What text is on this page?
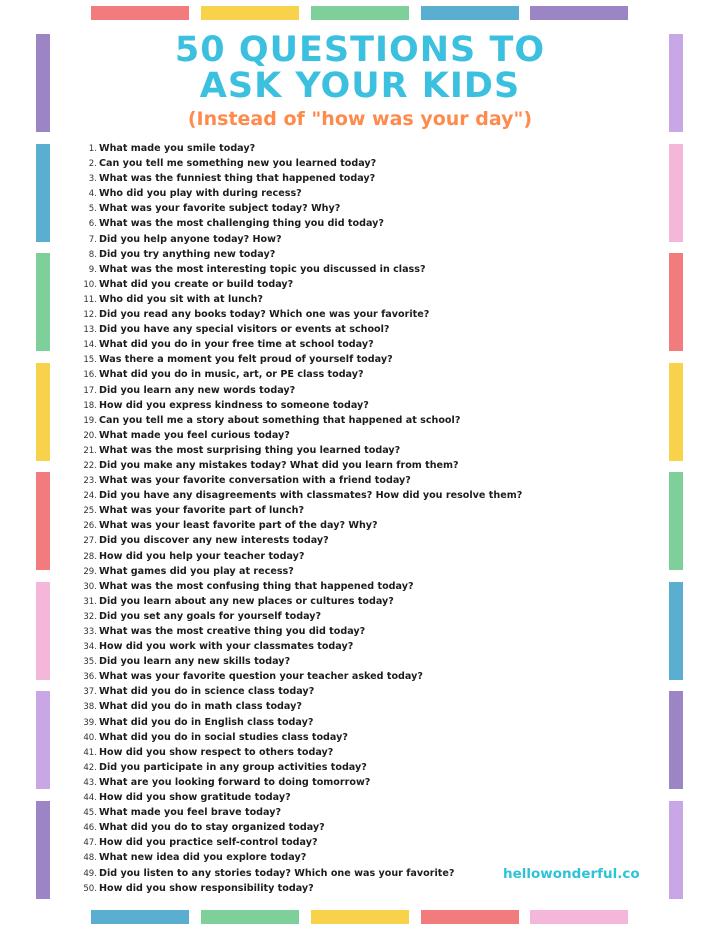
50 QUESTIONS TO
ASK YOUR KIDS

(Instead of "how was your day")

1. What made you smile today?
2. Can you tell me something new you learned today?
3. What was the funniest thing that happened today?
4. Who did you play with during recess?
5. What was your favorite subject today? Why?
6. What was the most challenging thing you did today?
7. Did you help anyone today? How?
8. Did you try anything new today?
9. What was the most interesting topic you discussed in class?
10. What did you create or build today?
11. Who did you sit with at lunch?
12. Did you read any books today? Which one was your favorite?
13. Did you have any special visitors or events at school?
14. What did you do in your free time at school today?
15. Was there a moment you felt proud of yourself today?
16. What did you do in music, art, or PE class today?
17. Did you learn any new words today?
18. How did you express kindness to someone today?
19. Can you tell me a story about something that happened at school?
20. What made you feel curious today?
21. What was the most surprising thing you learned today?
22. Did you make any mistakes today? What did you learn from them?
23. What was your favorite conversation with a friend today?
24. Did you have any disagreements with classmates? How did you resolve them?
25. What was your favorite part of lunch?
26. What was your least favorite part of the day? Why?
27. Did you discover any new interests today?
28. How did you help your teacher today?
29. What games did you play at recess?
30. What was the most confusing thing that happened today?
31. Did you learn about any new places or cultures today?
32. Did you set any goals for yourself today?
33. What was the most creative thing you did today?
34. How did you work with your classmates today?
35. Did you learn any new skills today?
36. What was your favorite question your teacher asked today?
37. What did you do in science class today?
38. What did you do in math class today?
39. What did you do in English class today?
40. What did you do in social studies class today?
41. How did you show respect to others today?
42. Did you participate in any group activities today?
43. What are you looking forward to doing tomorrow?
44. How did you show gratitude today?
45. What made you feel brave today?
46. What did you do to stay organized today?
47. How did you practice self-control today?
48. What new idea did you explore today?
49. Did you listen to any stories today? Which one was your favorite?
50. How did you show responsibility today?
hellowonderful.co
